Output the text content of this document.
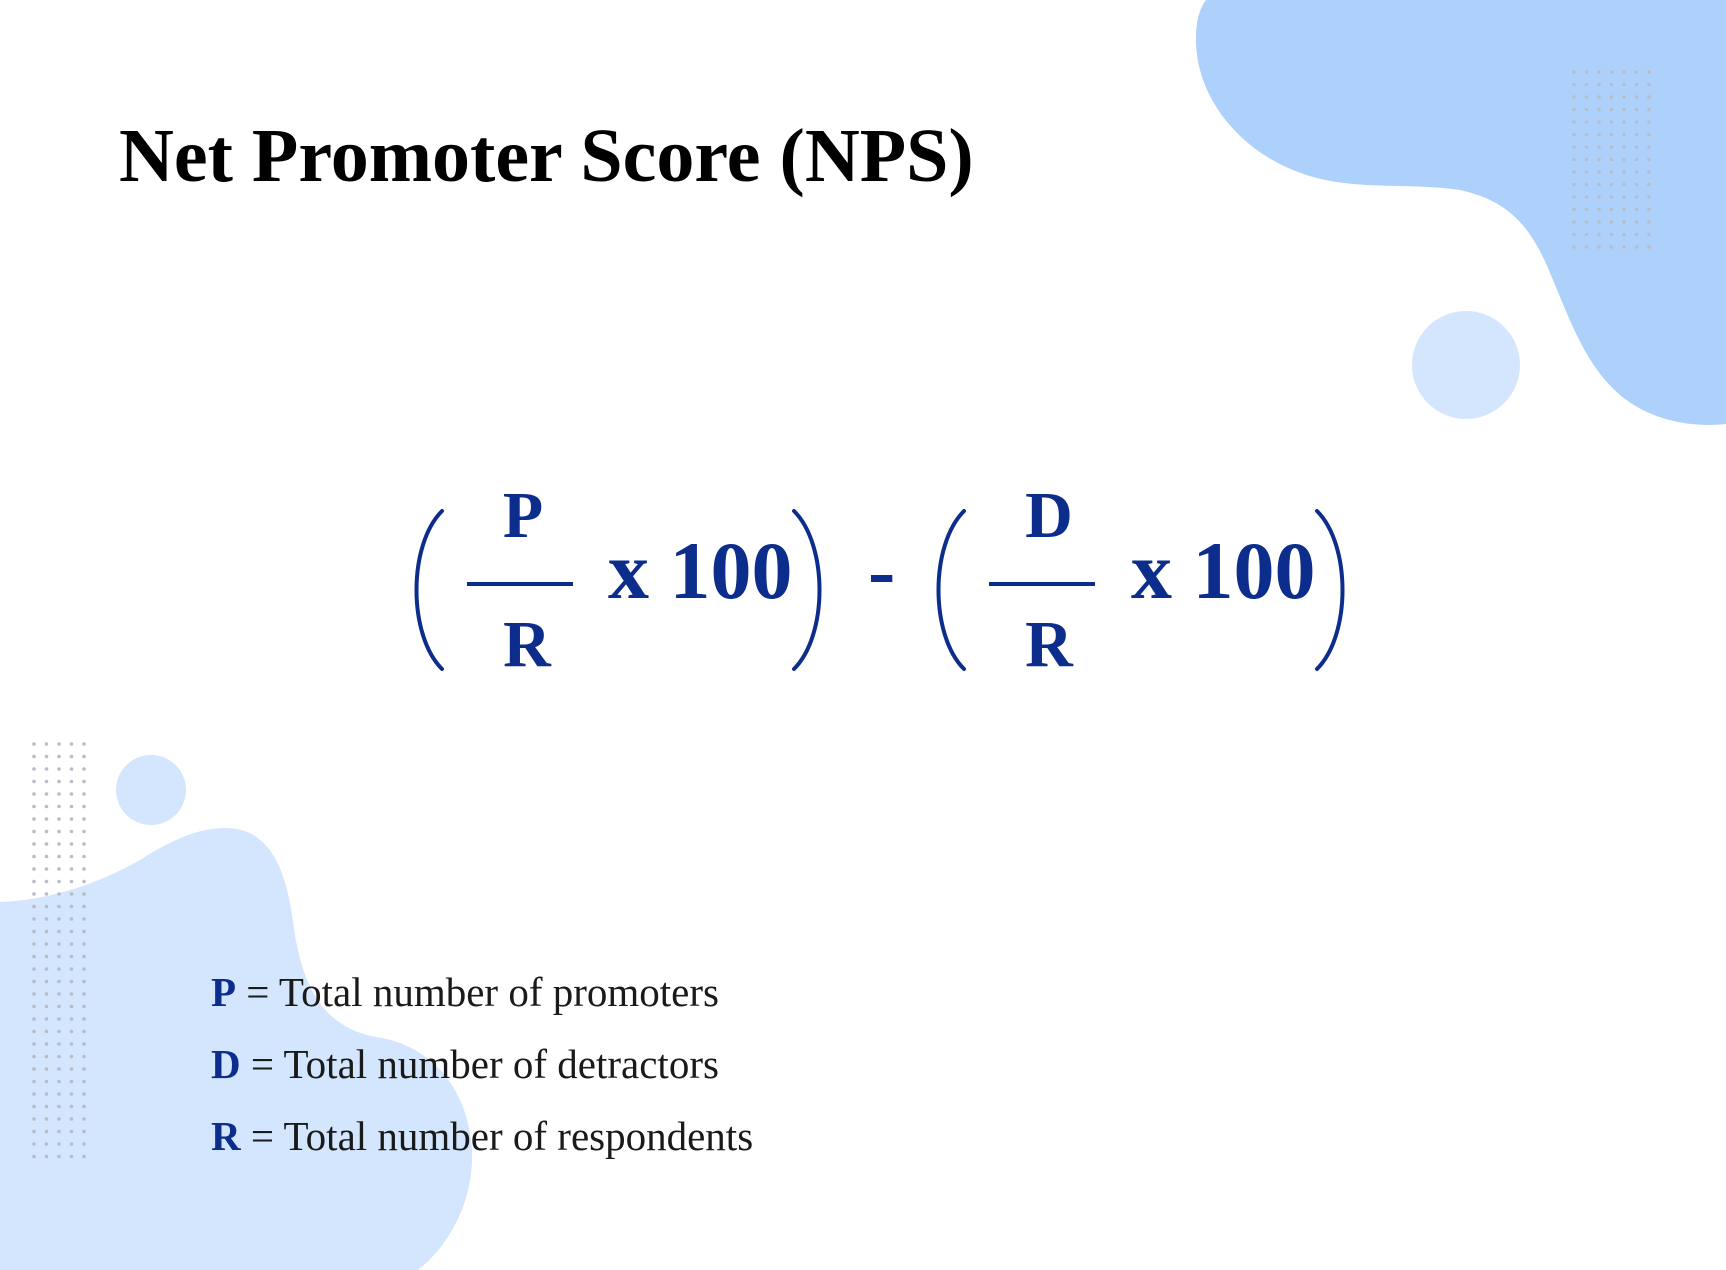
Net Promoter Score (NPS)
P
R
x 100 -
D
R
x 100

P = Total number of promoters

D = Total number of detractors

R = Total number of respondents
